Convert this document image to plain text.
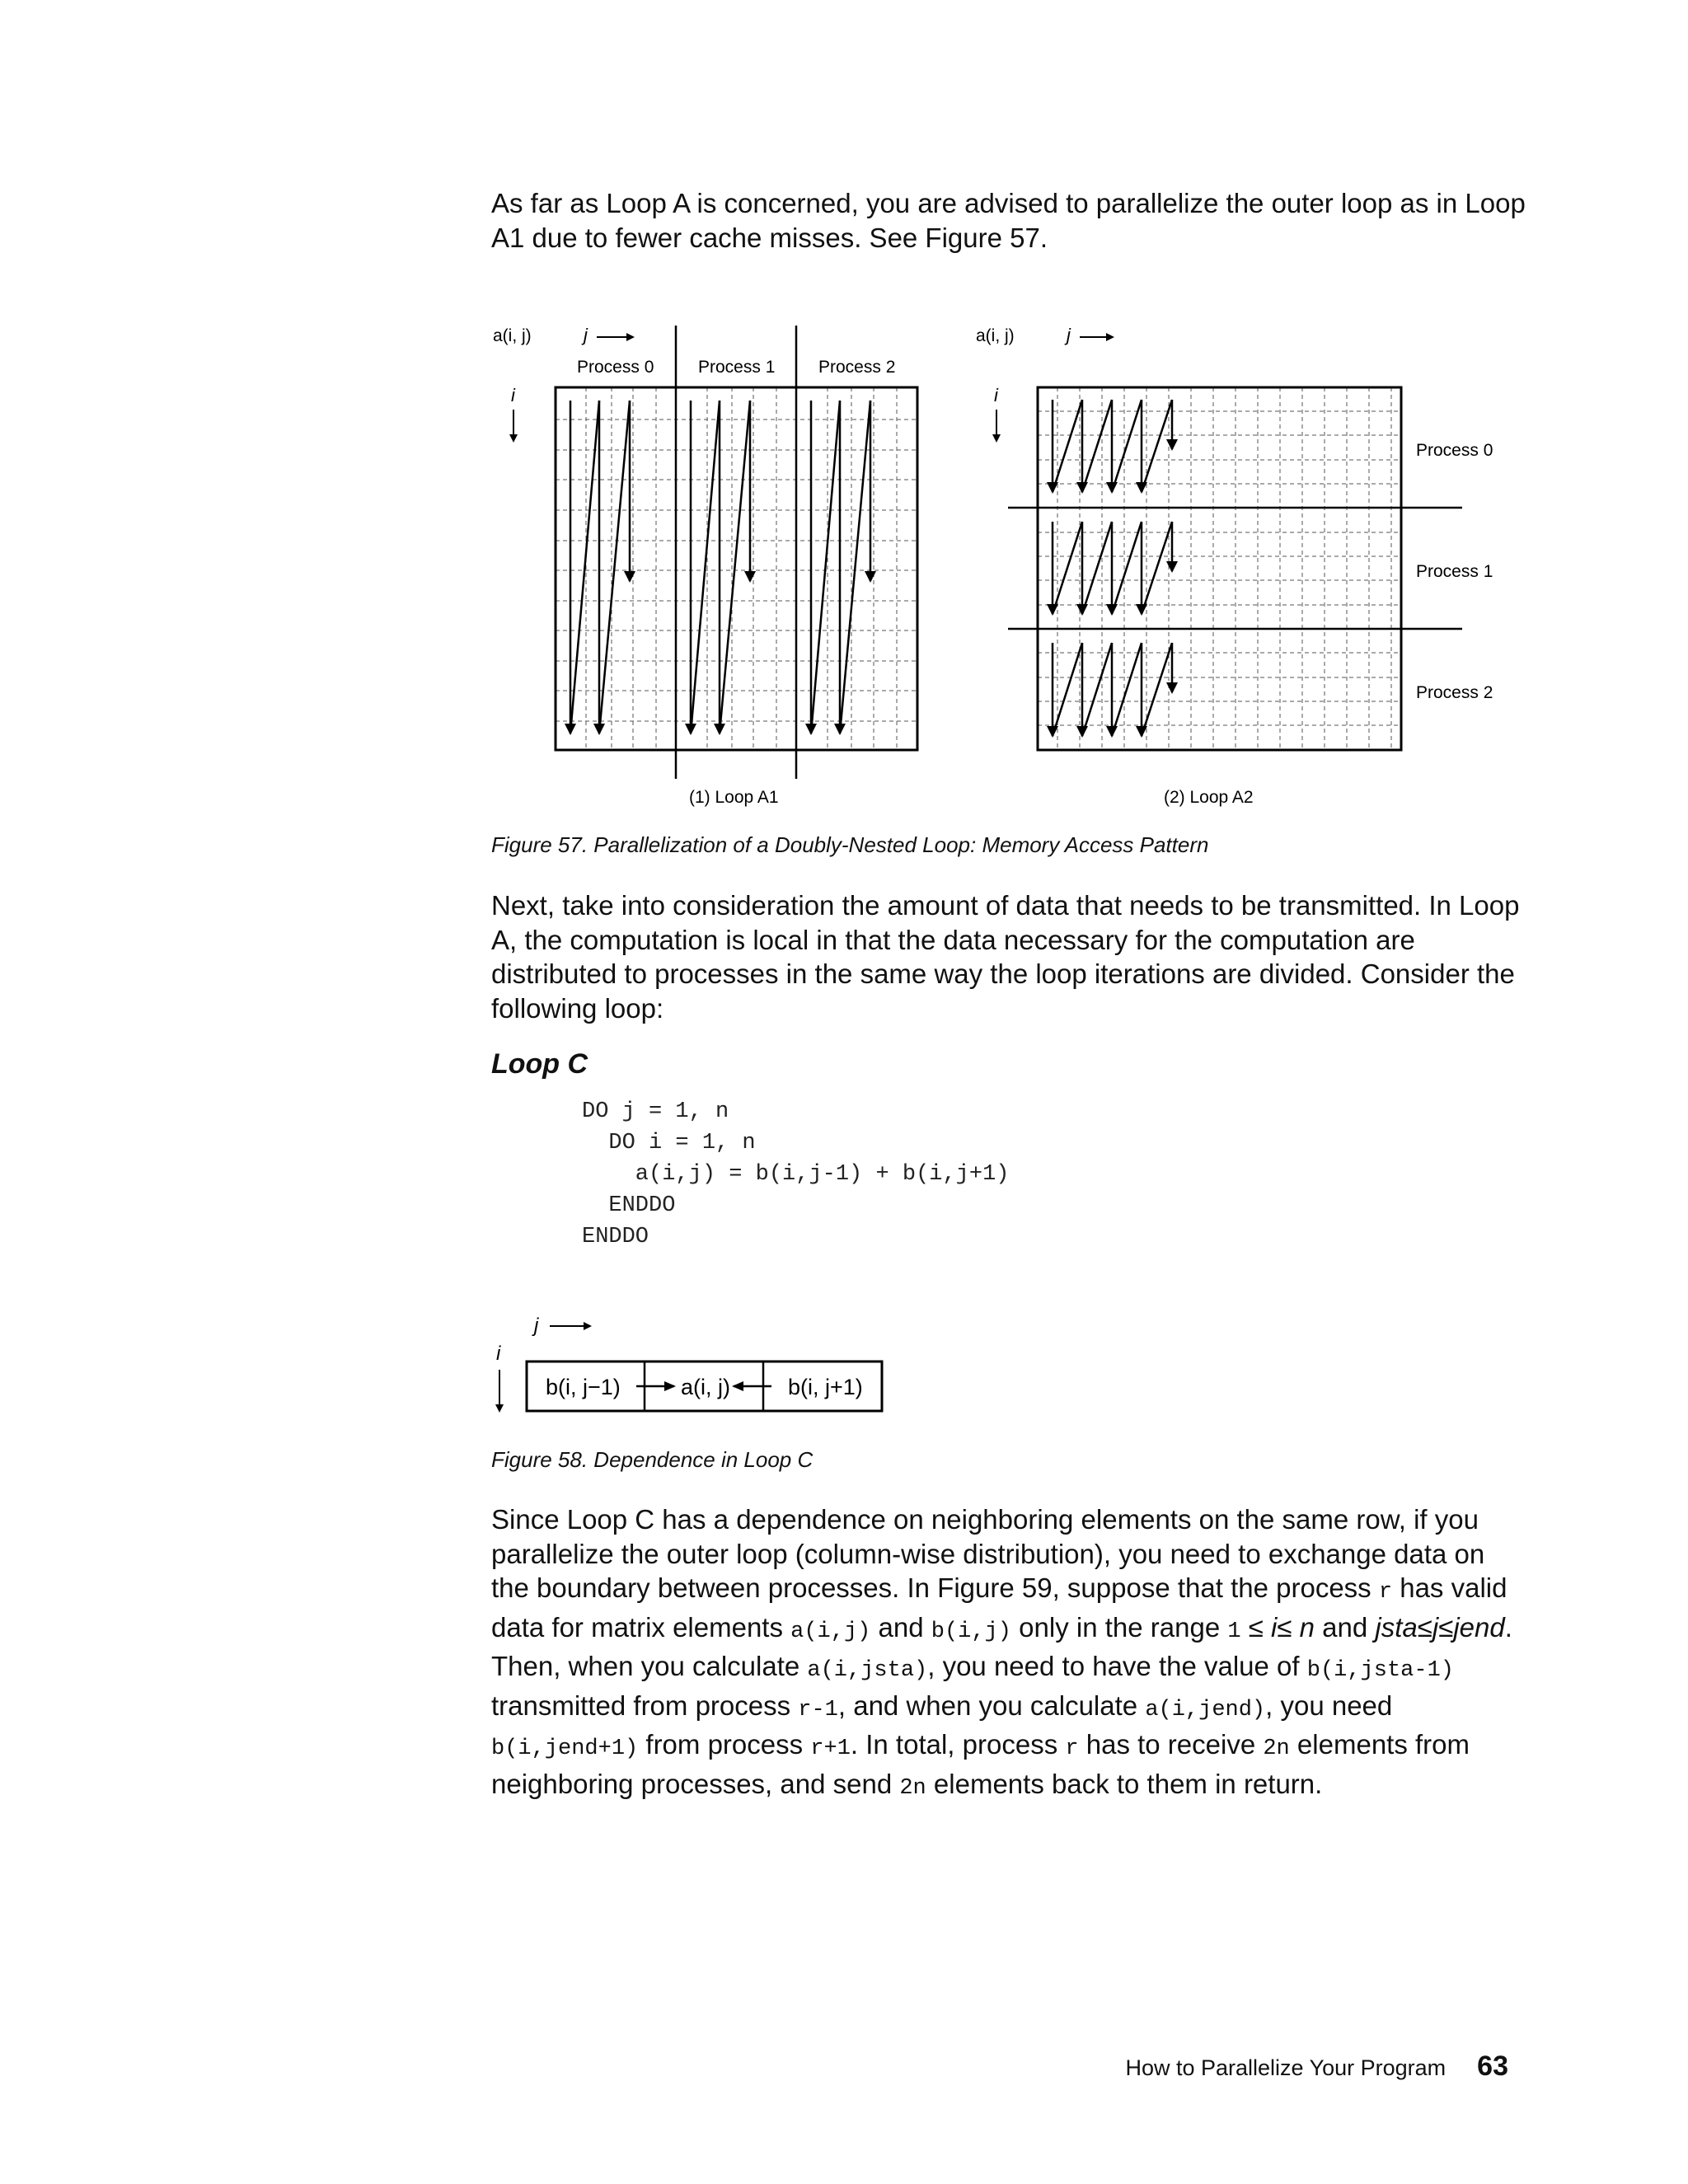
As far as Loop A is concerned, you are advised to parallelize the outer loop as in Loop A1 due to fewer cache misses. See Figure 57.

a(i, j)	j
i
Process 0	Process 1	Process 2
(1) Loop A1
a(i, j)	j
i
Process 0
Process 1
Process 2
(2) Loop A2

Figure 57. Parallelization of a Doubly-Nested Loop: Memory Access Pattern

Next, take into consideration the amount of data that needs to be transmitted. In Loop A, the computation is local in that the data necessary for the computation are distributed to processes in the same way the loop iterations are divided. Consider the following loop:

Loop C

DO j = 1, n
DO i = 1, n
a(i,j) = b(i,j-1) + b(i,j+1)
ENDDO
ENDDO
j
i
b(i, j−1)	a(i, j)	b(i, j+1)

Figure 58. Dependence in Loop C

Since Loop C has a dependence on neighboring elements on the same row, if you parallelize the outer loop (column-wise distribution), you need to exchange data on the boundary between processes. In Figure 59, suppose that the process r has valid data for matrix elements a(i,j) and b(i,j) only in the range 1 ≤ i≤ n and jsta≤j≤jend. Then, when you calculate a(i,jsta), you need to have the value of b(i,jsta-1) transmitted from process r-1, and when you calculate a(i,jend), you need b(i,jend+1) from process r+1. In total, process r has to receive 2n elements from neighboring processes, and send 2n elements back to them in return.

How to Parallelize Your Program 63
